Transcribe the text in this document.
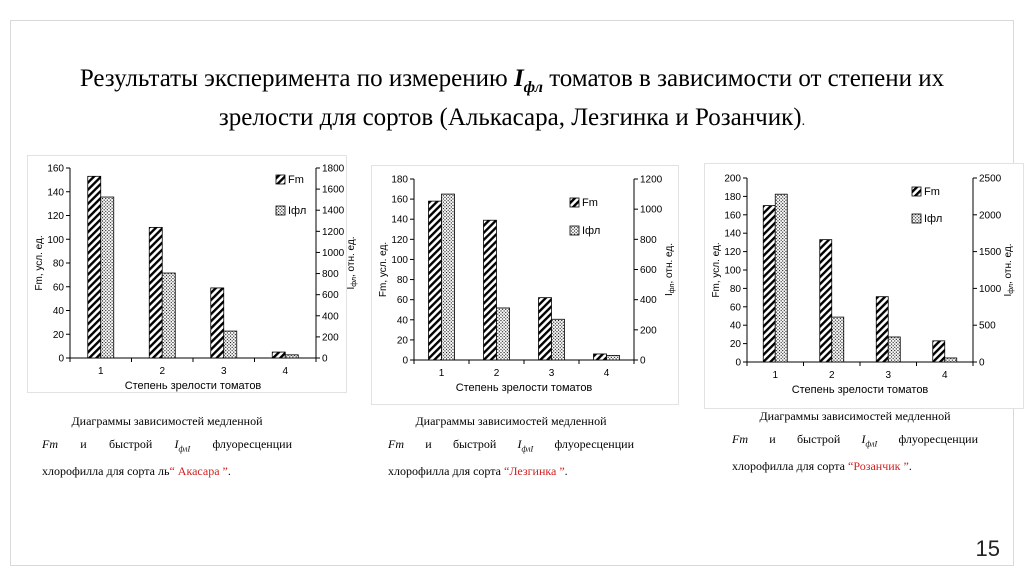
Результаты эксперимента по измерению $I_{фл}$ томатов в зависимости от степени их
зрелости для сортов (Алькасара, Лезгинка и Розанчик).
0
20
40
60
80
100
120
140
160
0
200
400
600
800
1000
1200
1400
1600
1800
1	2	3	4
Степень зрелости томатов
Fm, усл. ед.	$I_{фл}$, отн. ед.
Fm
Iфл
0
20
40
60
80
100
120
140
160
180
0
200
400
600
800
1000
1200
1	2	3	4
Степень зрелости томатов
Fm, усл. ед.	$I_{фл}$, отн. ед.
Fm
Iфл
0
20
40
60
80
100
120
140
160
180
200
0
500
1000
1500
2000
2500
1	2	3	4
Степень зрелости томатов
Fm, усл. ед.	$I_{фл}$, отн. ед.
Fm
Iфл
Диаграммы зависимостей медленной
Fm и быстрой $I_{флI}$ флуоресценции
хлорофилла для сорта ль“ Акасара ”.
Диаграммы зависимостей медленной
Fm и быстрой $I_{флI}$ флуоресценции
хлорофилла для сорта “Лезгинка ”.
Диаграммы зависимостей медленной
Fm и быстрой $I_{флI}$ флуоресценции
хлорофилла для сорта “Розанчик ”.
15
